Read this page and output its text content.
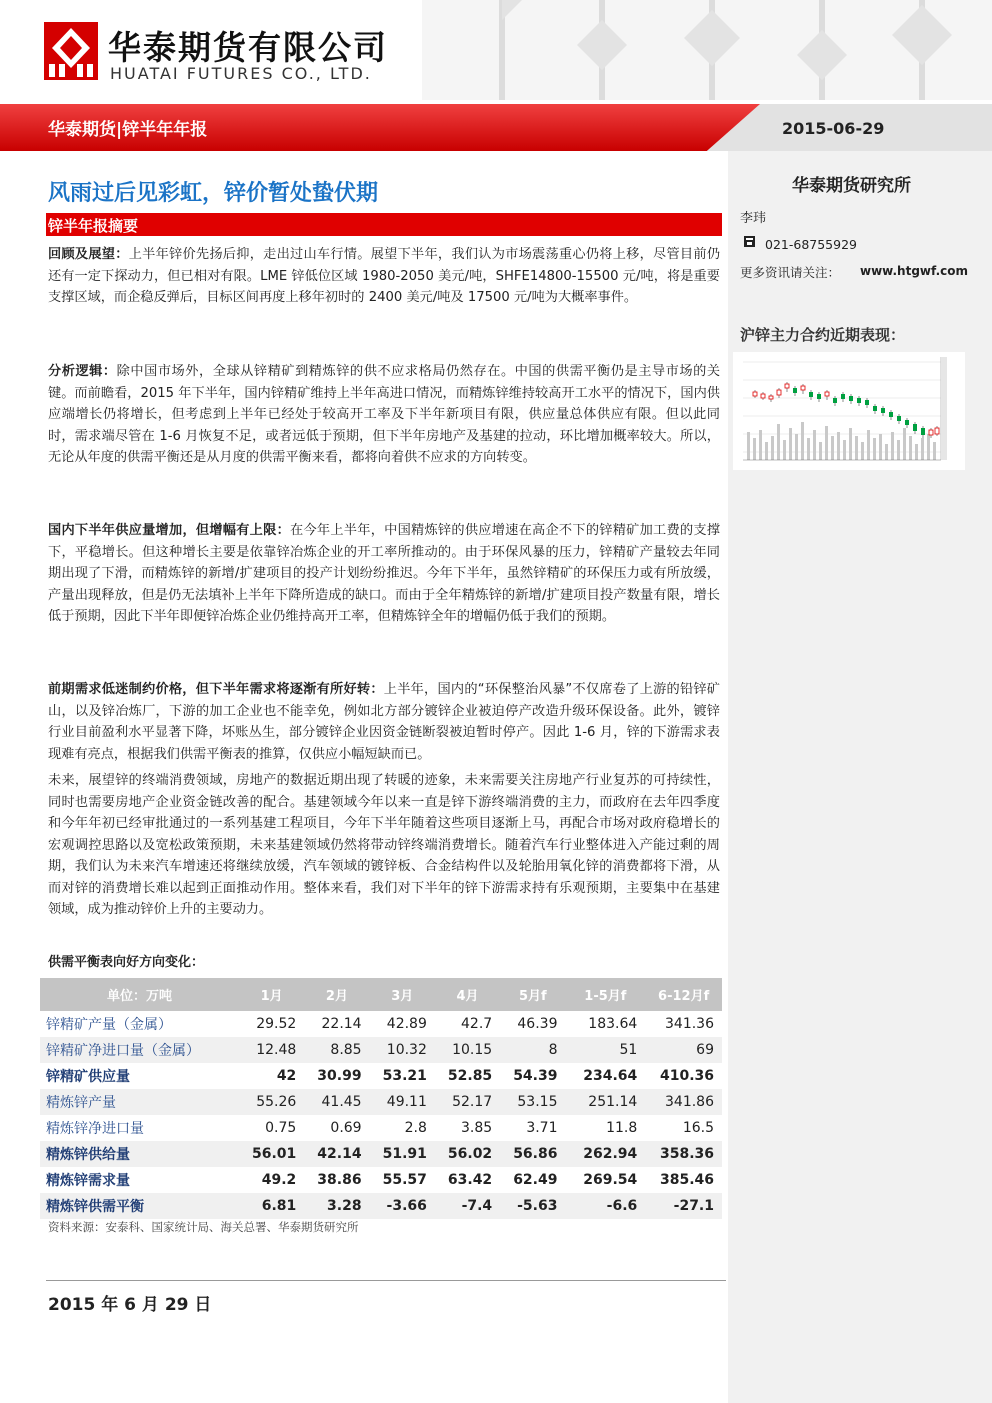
华泰期货有限公司
HUATAI FUTURES CO., LTD.
华泰期货|锌半年年报	2015-06-29
风雨过后见彩虹，锌价暂处蛰伏期
锌半年报摘要
回顾及展望：上半年锌价先扬后抑，走出过山车行情。展望下半年，我们认为市场震荡重心仍将上移，尽管目前仍还有一定下探动力，但已相对有限。LME 锌低位区域 1980-2050 美元/吨，SHFE14800-15500 元/吨，将是重要支撑区域，而企稳反弹后，目标区间再度上移年初时的 2400 美元/吨及 17500 元/吨为大概率事件。
分析逻辑：除中国市场外，全球从锌精矿到精炼锌的供不应求格局仍然存在。中国的供需平衡仍是主导市场的关键。而前瞻看，2015 年下半年，国内锌精矿维持上半年高进口情况，而精炼锌维持较高开工水平的情况下，国内供应端增长仍将增长，但考虑到上半年已经处于较高开工率及下半年新项目有限，供应量总体供应有限。但以此同时，需求端尽管在 1-6 月恢复不足，或者远低于预期，但下半年房地产及基建的拉动，环比增加概率较大。所以，无论从年度的供需平衡还是从月度的供需平衡来看，都将向着供不应求的方向转变。
国内下半年供应量增加，但增幅有上限：在今年上半年，中国精炼锌的供应增速在高企不下的锌精矿加工费的支撑下，平稳增长。但这种增长主要是依靠锌冶炼企业的开工率所推动的。由于环保风暴的压力，锌精矿产量较去年同期出现了下滑，而精炼锌的新增/扩建项目的投产计划纷纷推迟。今年下半年，虽然锌精矿的环保压力或有所放缓，产量出现释放，但是仍无法填补上半年下降所造成的缺口。而由于全年精炼锌的新增/扩建项目投产数量有限，增长低于预期，因此下半年即便锌冶炼企业仍维持高开工率，但精炼锌全年的增幅仍低于我们的预期。
前期需求低迷制约价格，但下半年需求将逐渐有所好转：上半年，国内的“环保整治风暴”不仅席卷了上游的铅锌矿山，以及锌冶炼厂，下游的加工企业也不能幸免，例如北方部分镀锌企业被迫停产改造升级环保设备。此外，镀锌行业目前盈利水平显著下降，坏账丛生，部分镀锌企业因资金链断裂被迫暂时停产。因此 1-6 月，锌的下游需求表现难有亮点，根据我们供需平衡表的推算，仅供应小幅短缺而已。
未来，展望锌的终端消费领域，房地产的数据近期出现了转暖的迹象，未来需要关注房地产行业复苏的可持续性，同时也需要房地产企业资金链改善的配合。基建领域今年以来一直是锌下游终端消费的主力，而政府在去年四季度和今年年初已经审批通过的一系列基建工程项目，今年下半年随着这些项目逐渐上马，再配合市场对政府稳增长的宏观调控思路以及宽松政策预期，未来基建领域仍然将带动锌终端消费增长。随着汽车行业整体进入产能过剩的周期，我们认为未来汽车增速还将继续放缓，汽车领域的镀锌板、合金结构件以及轮胎用氧化锌的消费都将下滑，从而对锌的消费增长难以起到正面推动作用。整体来看，我们对下半年的锌下游需求持有乐观预期，主要集中在基建领域，成为推动锌价上升的主要动力。
华泰期货研究所
李玮
021-68755929
更多资讯请关注： www.htgwf.com
沪锌主力合约近期表现：
供需平衡表向好方向变化：
单位：万吨	1月	2月	3月	4月	5月f	1-5月f	6-12月f
锌精矿产量（金属）	29.52	22.14	42.89	42.7	46.39	183.64	341.36
锌精矿净进口量（金属）	12.48	8.85	10.32	10.15	8	51	69
锌精矿供应量	42	30.99	53.21	52.85	54.39	234.64	410.36
精炼锌产量	55.26	41.45	49.11	52.17	53.15	251.14	341.86
精炼锌净进口量	0.75	0.69	2.8	3.85	3.71	11.8	16.5
精炼锌供给量	56.01	42.14	51.91	56.02	56.86	262.94	358.36
精炼锌需求量	49.2	38.86	55.57	63.42	62.49	269.54	385.46
精炼锌供需平衡	6.81	3.28	-3.66	-7.4	-5.63	-6.6	-27.1
资料来源：安泰科、国家统计局、海关总署、华泰期货研究所
2015 年 6 月 29 日
